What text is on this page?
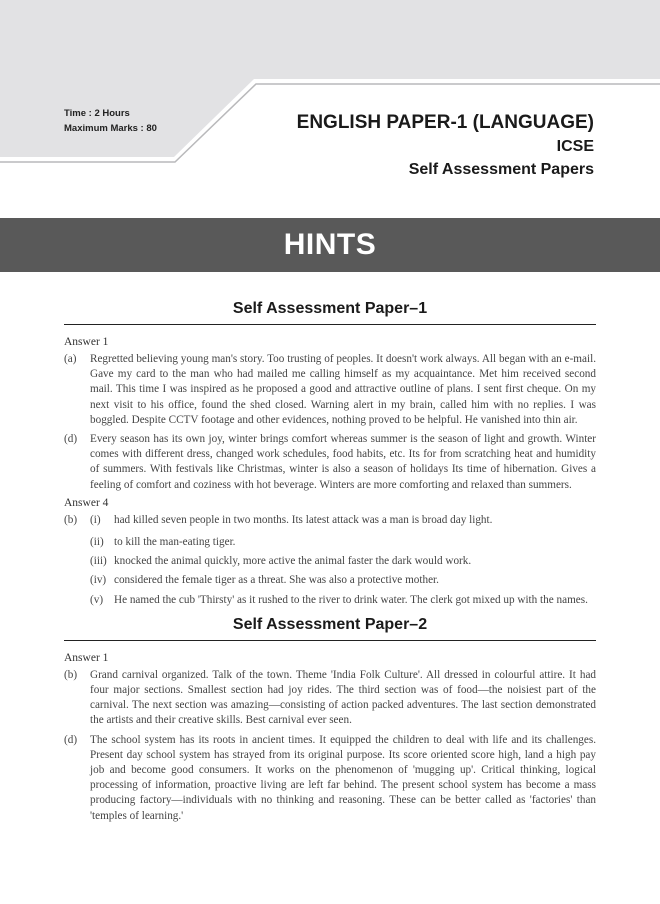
Time : 2 Hours
Maximum Marks : 80	ENGLISH PAPER-1 (LANGUAGE)
ICSE
Self Assessment Papers
HINTS
Self Assessment Paper–1
Answer 1
(a)	Regretted believing young man's story. Too trusting of peoples. It doesn't work always. All began with an e-mail. Gave my card to the man who had mailed me calling himself as my acquaintance. Met him received second mail. This time I was inspired as he proposed a good and attractive outline of plans. I sent first cheque. On my next visit to his office, found the shed closed. Warning alert in my brain, called him with no replies. I was boggled. Despite CCTV footage and other evidences, nothing proved to be helpful. He vanished into thin air.
(d)	Every season has its own joy, winter brings comfort whereas summer is the season of light and growth. Winter comes with different dress, changed work schedules, food habits, etc. Its for from scratching heat and humidity of summers. With festivals like Christmas, winter is also a season of holidays Its time of hibernation. Gives a feeling of comfort and coziness with hot beverage. Winters are more comforting and relaxed than summers.
Answer 4
(b)	(i)	had killed seven people in two months. Its latest attack was a man is broad day light.
(ii) to kill the man-eating tiger.
(iii) knocked the animal quickly, more active the animal faster the dark would work.
(iv) considered the female tiger as a threat. She was also a protective mother.
(v) He named the cub 'Thirsty' as it rushed to the river to drink water. The clerk got mixed up with the names.
Self Assessment Paper–2
Answer 1
(b)	Grand carnival organized. Talk of the town. Theme 'India Folk Culture'. All dressed in colourful attire. It had four major sections. Smallest section had joy rides. The third section was of food—the noisiest part of the carnival. The next section was amazing—consisting of action packed adventures. The last section demonstrated the artists and their creative skills. Best carnival ever seen.
(d)	The school system has its roots in ancient times. It equipped the children to deal with life and its challenges. Present day school system has strayed from its original purpose. Its score oriented score high, land a high pay job and become good consumers. It works on the phenomenon of 'mugging up'. Critical thinking, logical processing of information, proactive living are left far behind. The present school system has become a mass producing factory—individuals with no thinking and reasoning. These can be better called as 'factories' than 'temples of learning.'
